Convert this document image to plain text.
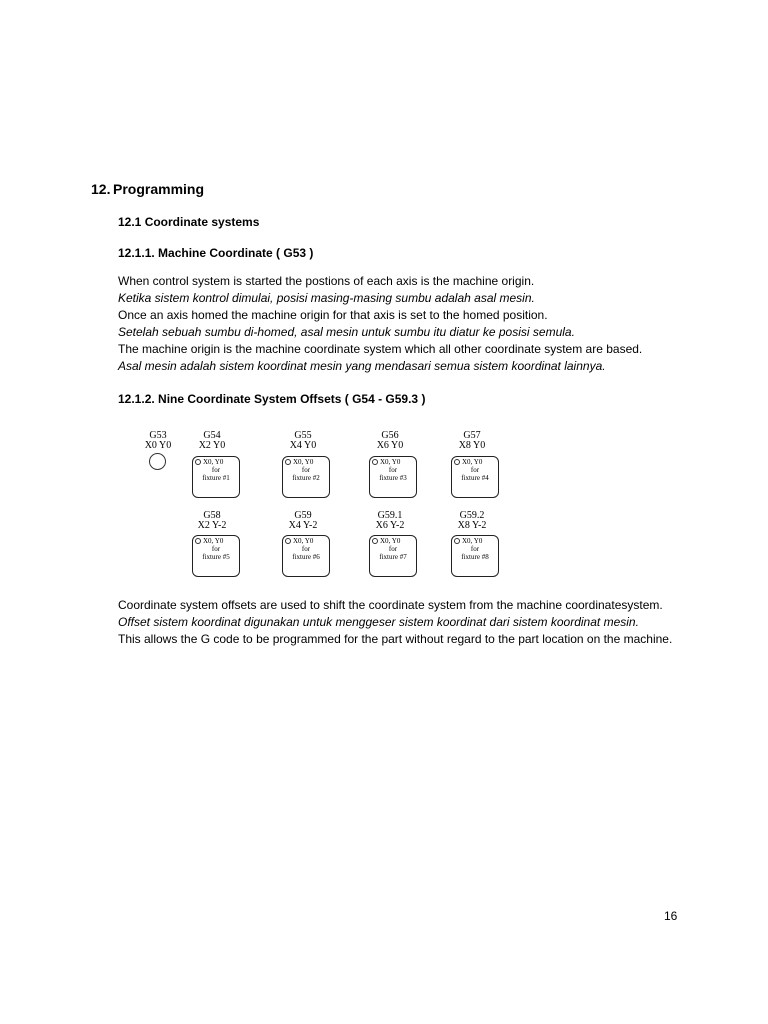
12. Programming
12.1 Coordinate systems
12.1.1. Machine Coordinate ( G53 )

When control system is started the postions of each axis is the machine origin.

Ketika sistem kontrol dimulai, posisi masing-masing sumbu adalah asal mesin.

Once an axis homed the machine origin for that axis is set to the homed position.

Setelah sebuah sumbu di-homed, asal mesin untuk sumbu itu diatur ke posisi semula.

The machine origin is the machine coordinate system which all other coordinate system are based.

Asal mesin adalah sistem koordinat mesin yang mendasari semua sistem koordinat lainnya.

12.1.2. Nine Coordinate System Offsets ( G54 - G59.3 )
G53
X0 Y0
G54
X2 Y0
X0, Y0
for
fixture #1
G55
X4 Y0
X0, Y0
for
fixture #2
G56
X6 Y0
X0, Y0
for
fixture #3
G57
X8 Y0
X0, Y0
for
fixture #4
G58
X2 Y-2
X0, Y0
for
fixture #5
G59
X4 Y-2
X0, Y0
for
fixture #6
G59.1
X6 Y-2
X0, Y0
for
fixture #7
G59.2
X8 Y-2
X0, Y0
for
fixture #8

Coordinate system offsets are used to shift the coordinate system from the machine coordinatesystem.

Offset sistem koordinat digunakan untuk menggeser sistem koordinat dari sistem koordinat mesin.

This allows the G code to be programmed for the part without regard to the part location on the machine.

16
